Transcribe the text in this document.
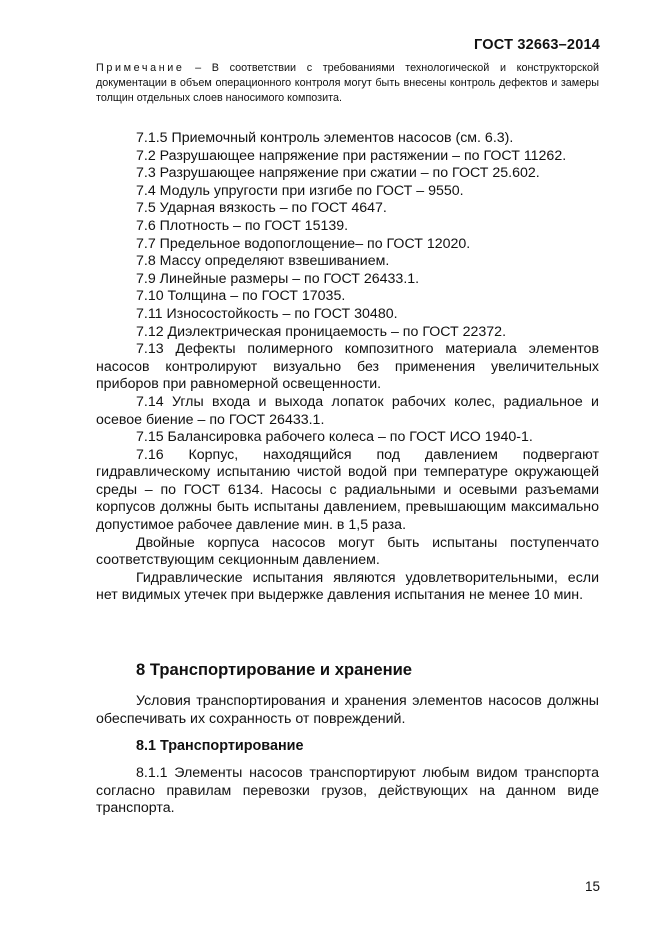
ГОСТ 32663–2014
Примечание – В соответствии с требованиями технологической и конструкторской документации в объем операционного контроля могут быть внесены контроль дефектов и замеры толщин отдельных слоев наносимого композита.

7.1.5 Приемочный контроль элементов насосов (см. 6.3).

7.2 Разрушающее напряжение при растяжении – по ГОСТ 11262.

7.3 Разрушающее напряжение при сжатии – по ГОСТ 25.602.

7.4 Модуль упругости при изгибе по ГОСТ – 9550.

7.5 Ударная вязкость – по ГОСТ 4647.

7.6 Плотность – по ГОСТ 15139.

7.7 Предельное водопоглощение– по ГОСТ 12020.

7.8 Массу определяют взвешиванием.

7.9 Линейные размеры – по ГОСТ 26433.1.

7.10 Толщина – по ГОСТ 17035.

7.11 Износостойкость – по ГОСТ 30480.

7.12 Диэлектрическая проницаемость – по ГОСТ 22372.

7.13 Дефекты полимерного композитного материала элементов насосов контролируют визуально без применения увеличительных приборов при равномерной освещенности.

7.14 Углы входа и выхода лопаток рабочих колес, радиальное и осевое биение – по ГОСТ 26433.1.

7.15 Балансировка рабочего колеса – по ГОСТ ИСО 1940-1.

7.16 Корпус, находящийся под давлением подвергают гидравлическому испытанию чистой водой при температуре окружающей среды – по ГОСТ 6134. Насосы с радиальными и осевыми разъемами корпусов должны быть испытаны давлением, превышающим максимально допустимое рабочее давление мин. в 1,5 раза.

Двойные корпуса насосов могут быть испытаны поступенчато соответствующим секционным давлением.

Гидравлические испытания являются удовлетворительными, если нет видимых утечек при выдержке давления испытания не менее 10 мин.

8 Транспортирование и хранение

Условия транспортирования и хранения элементов насосов должны обеспечивать их сохранность от повреждений.

8.1 Транспортирование

8.1.1 Элементы насосов транспортируют любым видом транспорта согласно правилам перевозки грузов, действующих на данном виде транспорта.

15
